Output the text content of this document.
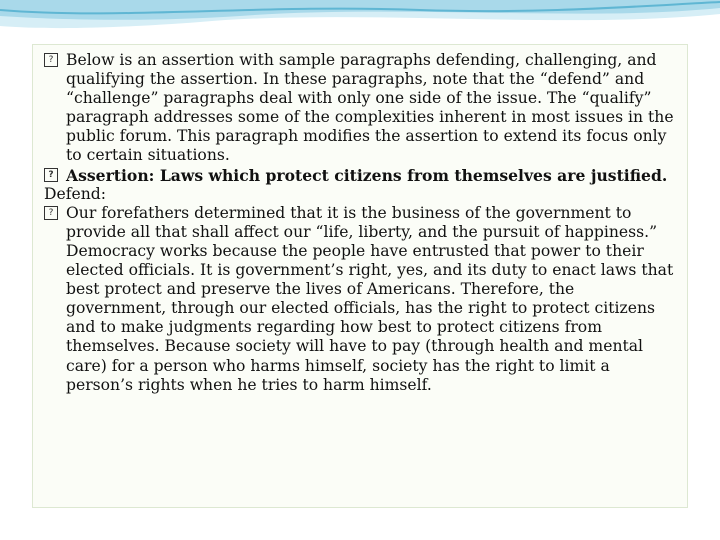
? Below is an assertion with sample paragraphs defending, challenging, and qualifying the assertion. In these paragraphs, note that the “defend” and “challenge” paragraphs deal with only one side of the issue. The “qualify” paragraph addresses some of the complexities inherent in most issues in the public forum. This paragraph modifies the assertion to extend its focus only to certain situations.

? Assertion: Laws which protect citizens from themselves are justified.

Defend:

? Our forefathers determined that it is the business of the government to provide all that shall affect our “life, liberty, and the pursuit of happiness.” Democracy works because the people have entrusted that power to their elected officials. It is government’s right, yes, and its duty to enact laws that best protect and preserve the lives of Americans. Therefore, the government, through our elected officials, has the right to protect citizens and to make judgments regarding how best to protect citizens from themselves. Because society will have to pay (through health and mental care) for a person who harms himself, society has the right to limit a person’s rights when he tries to harm himself.
